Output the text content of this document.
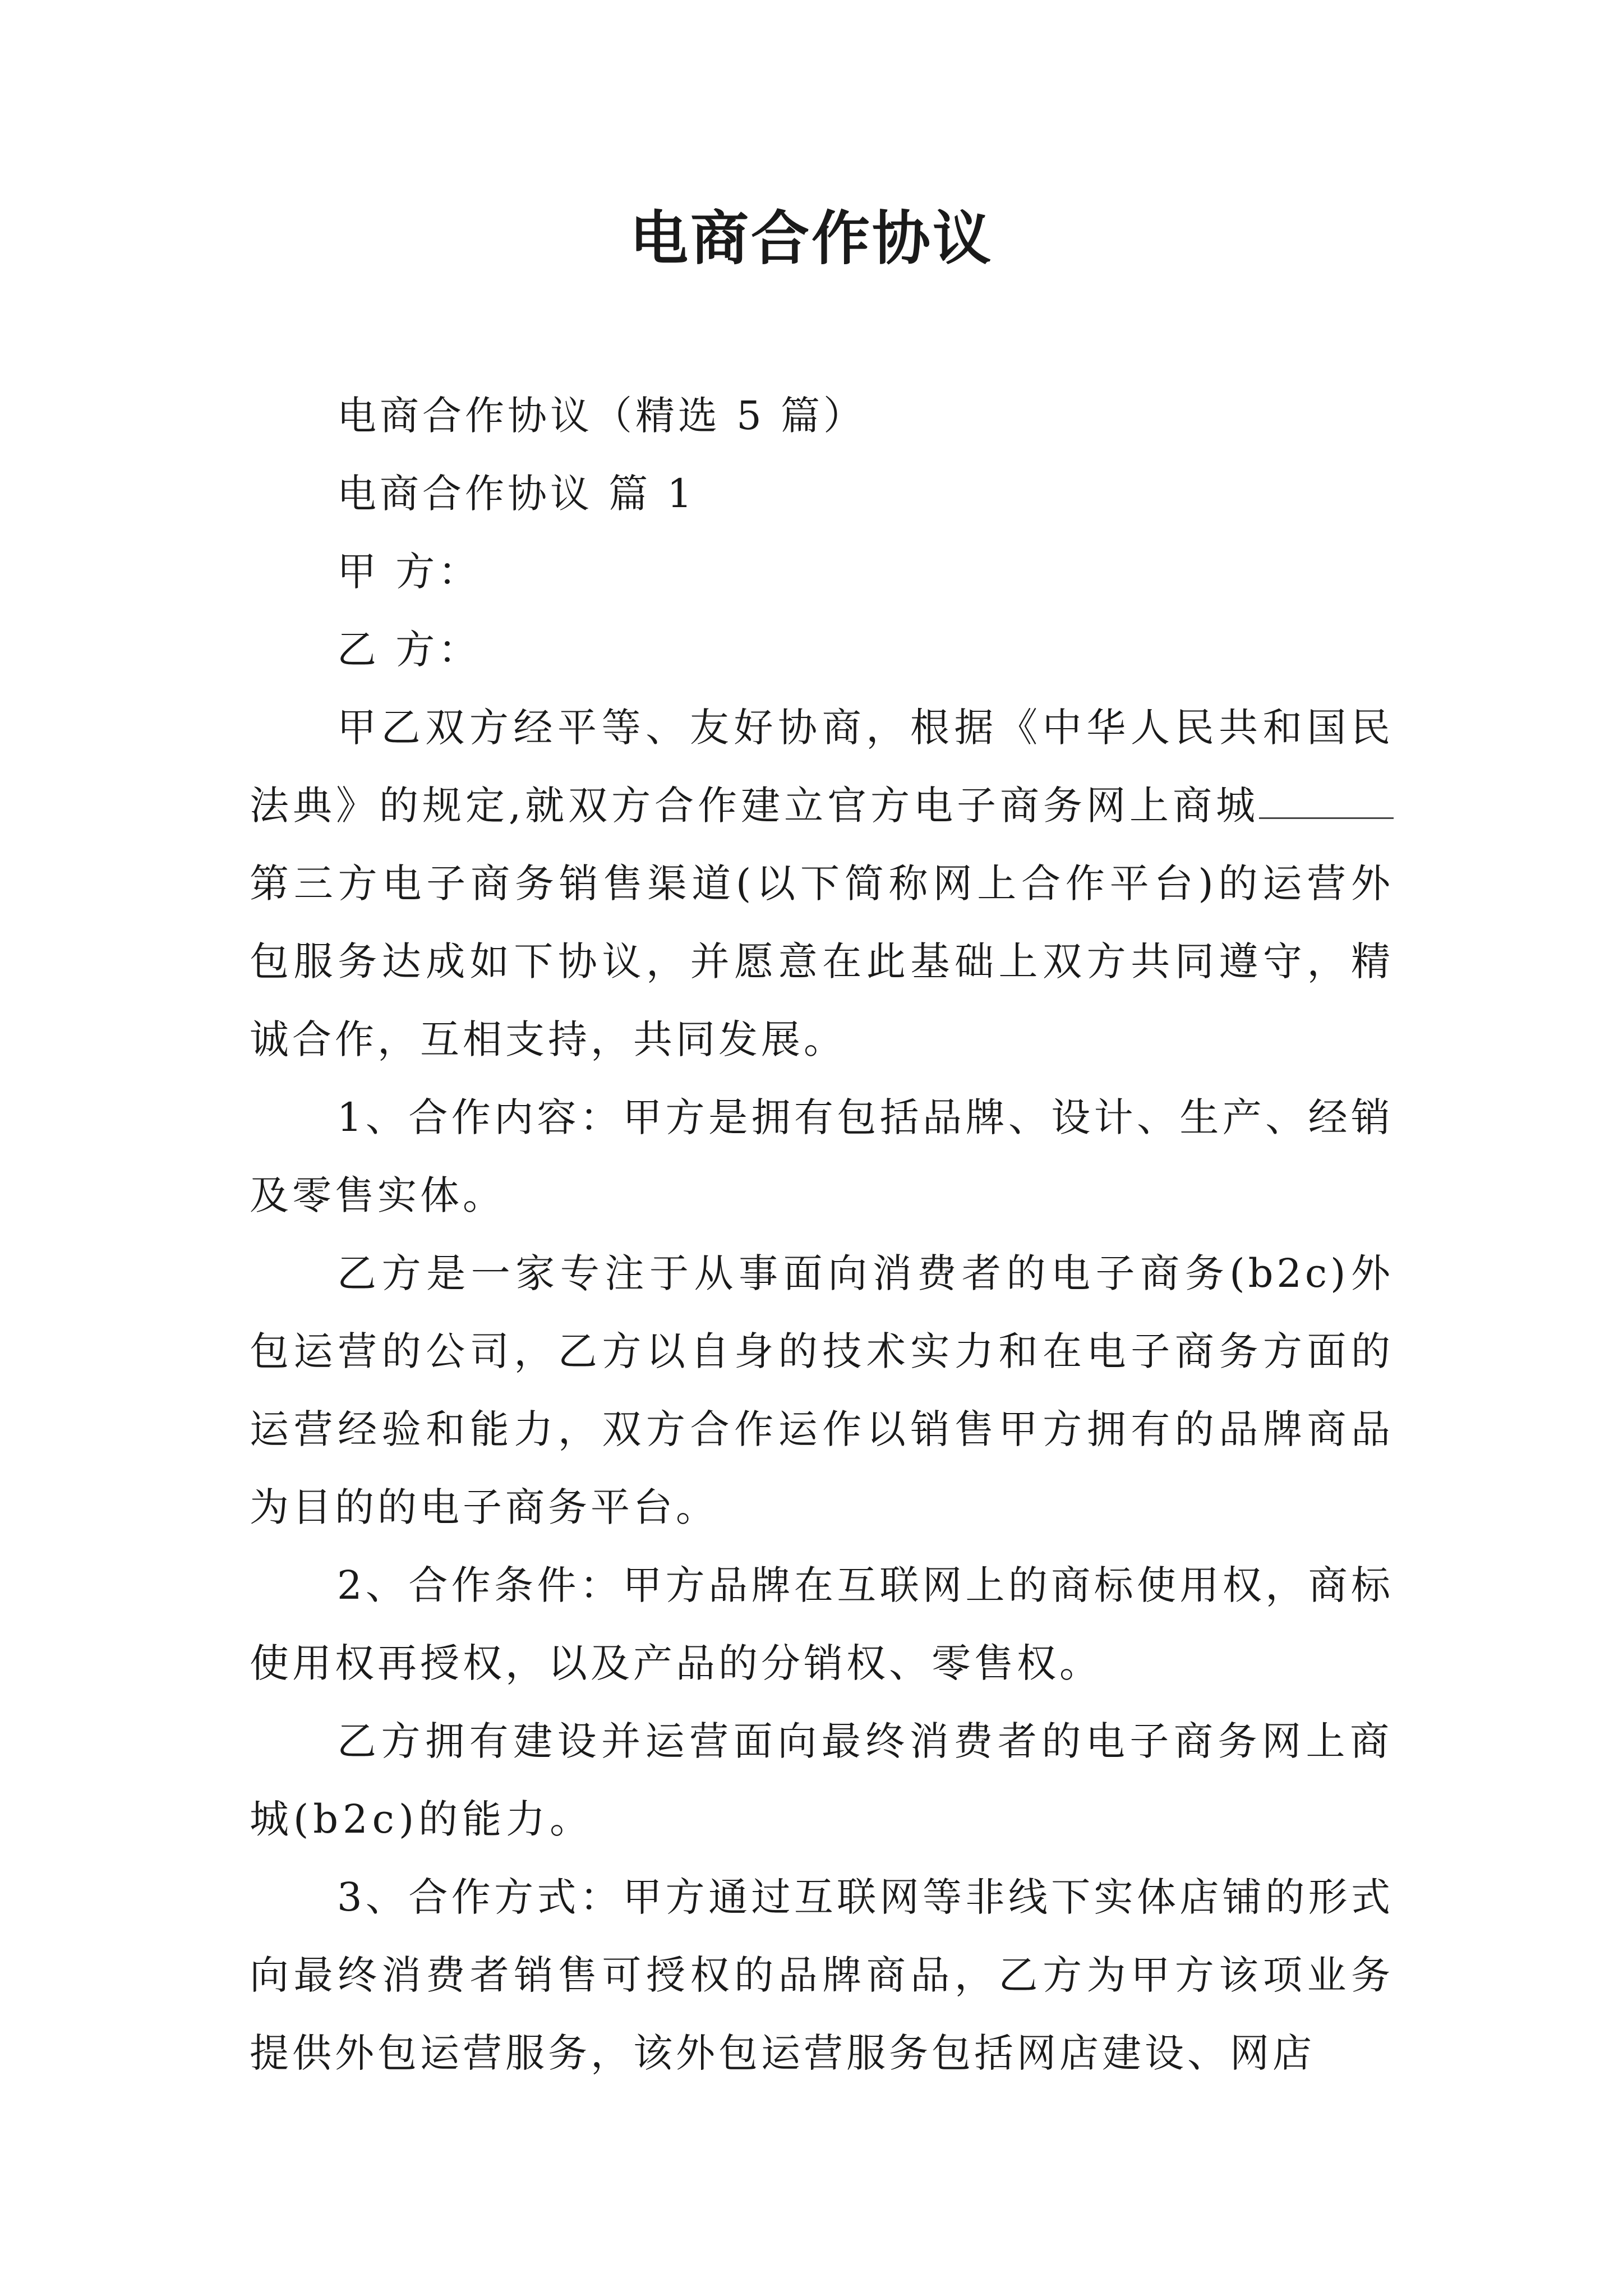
电商合作协议

电商合作协议（精选 5 篇）

电商合作协议 篇 1

甲 方：

乙 方：

甲乙双方经平等、友好协商，根据《中华人民共和国民法典》的规定,就双方合作建立官方电子商务网上商城第三方电子商务销售渠道(以下简称网上合作平台)的运营外包服务达成如下协议，并愿意在此基础上双方共同遵守，精诚合作，互相支持，共同发展。

1、合作内容：甲方是拥有包括品牌、设计、生产、经销及零售实体。

乙方是一家专注于从事面向消费者的电子商务(b2c)外包运营的公司，乙方以自身的技术实力和在电子商务方面的运营经验和能力，双方合作运作以销售甲方拥有的品牌商品为目的的电子商务平台。

2、合作条件：甲方品牌在互联网上的商标使用权，商标使用权再授权，以及产品的分销权、零售权。

乙方拥有建设并运营面向最终消费者的电子商务网上商城(b2c)的能力。

3、合作方式：甲方通过互联网等非线下实体店铺的形式向最终消费者销售可授权的品牌商品，乙方为甲方该项业务提供外包运营服务，该外包运营服务包括网店建设、网店
